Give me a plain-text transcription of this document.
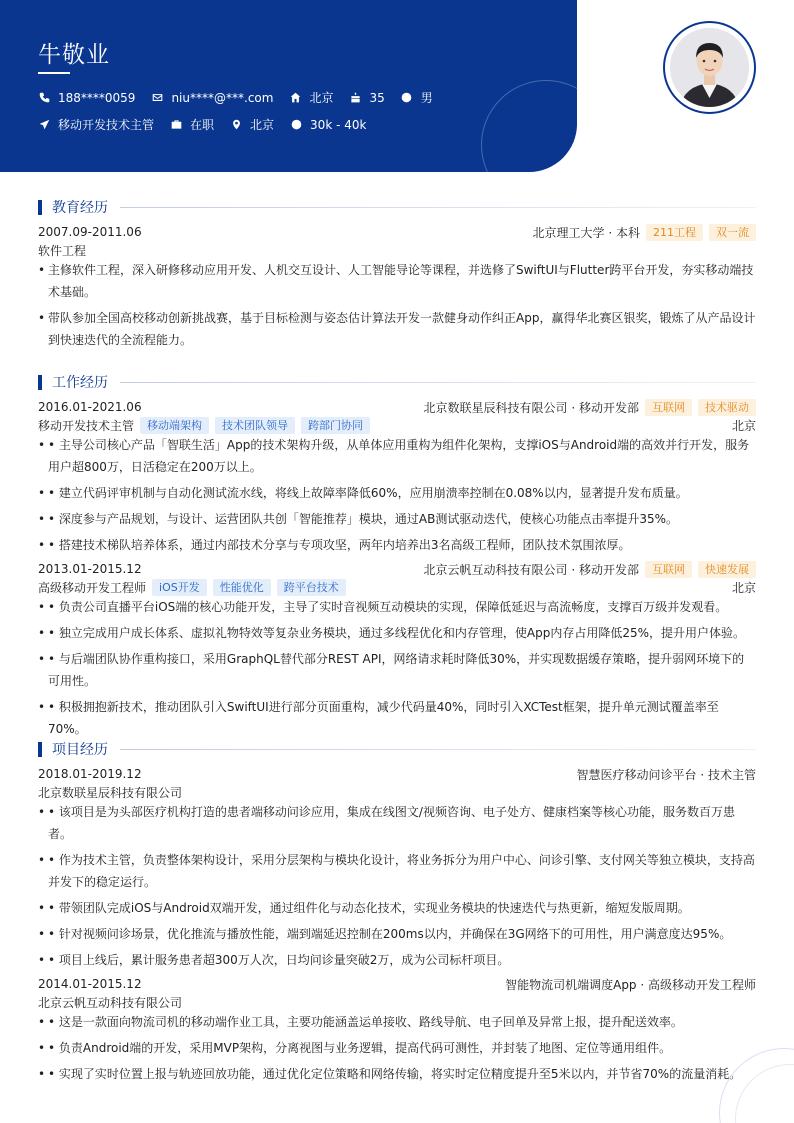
牛敬业
188****0059	niu****@***.com	北京	35	男
移动开发技术主管	在职	北京	30k - 40k
教育经历
2007.09-2011.06	北京理工大学 · 本科	211工程	双一流
软件工程
• 主修软件工程，深入研修移动应用开发、人机交互设计、人工智能导论等课程，并选修了SwiftUI与Flutter跨平台开发，夯实移动端技术基础。
• 带队参加全国高校移动创新挑战赛，基于目标检测与姿态估计算法开发一款健身动作纠正App，赢得华北赛区银奖，锻炼了从产品设计到快速迭代的全流程能力。
工作经历
2016.01-2021.06	北京数联星辰科技有限公司 · 移动开发部	互联网	技术驱动
移动开发技术主管	移动端架构	技术团队领导	跨部门协同	北京
• • 主导公司核心产品「智联生活」App的技术架构升级，从单体应用重构为组件化架构，支撑iOS与Android端的高效并行开发，服务用户超800万，日活稳定在200万以上。
• • 建立代码评审机制与自动化测试流水线，将线上故障率降低60%，应用崩溃率控制在0.08%以内，显著提升发布质量。
• • 深度参与产品规划，与设计、运营团队共创「智能推荐」模块，通过AB测试驱动迭代，使核心功能点击率提升35%。
• • 搭建技术梯队培养体系，通过内部技术分享与专项攻坚，两年内培养出3名高级工程师，团队技术氛围浓厚。
2013.01-2015.12	北京云帆互动科技有限公司 · 移动开发部	互联网	快速发展
高级移动开发工程师	iOS开发	性能优化	跨平台技术	北京
• • 负责公司直播平台iOS端的核心功能开发，主导了实时音视频互动模块的实现，保障低延迟与高流畅度，支撑百万级并发观看。
• • 独立完成用户成长体系、虚拟礼物特效等复杂业务模块，通过多线程优化和内存管理，使App内存占用降低25%，提升用户体验。
• • 与后端团队协作重构接口，采用GraphQL替代部分REST API，网络请求耗时降低30%，并实现数据缓存策略，提升弱网环境下的可用性。
• • 积极拥抱新技术，推动团队引入SwiftUI进行部分页面重构，减少代码量40%，同时引入XCTest框架，提升单元测试覆盖率至70%。
项目经历
2018.01-2019.12	智慧医疗移动问诊平台 · 技术主管
北京数联星辰科技有限公司
• • 该项目是为头部医疗机构打造的患者端移动问诊应用，集成在线图文/视频咨询、电子处方、健康档案等核心功能，服务数百万患者。
• • 作为技术主管，负责整体架构设计，采用分层架构与模块化设计，将业务拆分为用户中心、问诊引擎、支付网关等独立模块，支持高并发下的稳定运行。
• • 带领团队完成iOS与Android双端开发，通过组件化与动态化技术，实现业务模块的快速迭代与热更新，缩短发版周期。
• • 针对视频问诊场景，优化推流与播放性能，端到端延迟控制在200ms以内，并确保在3G网络下的可用性，用户满意度达95%。
• • 项目上线后，累计服务患者超300万人次，日均问诊量突破2万，成为公司标杆项目。
2014.01-2015.12	智能物流司机端调度App · 高级移动开发工程师
北京云帆互动科技有限公司
• • 这是一款面向物流司机的移动端作业工具，主要功能涵盖运单接收、路线导航、电子回单及异常上报，提升配送效率。
• • 负责Android端的开发，采用MVP架构，分离视图与业务逻辑，提高代码可测性，并封装了地图、定位等通用组件。
• • 实现了实时位置上报与轨迹回放功能，通过优化定位策略和网络传输，将实时定位精度提升至5米以内，并节省70%的流量消耗。
